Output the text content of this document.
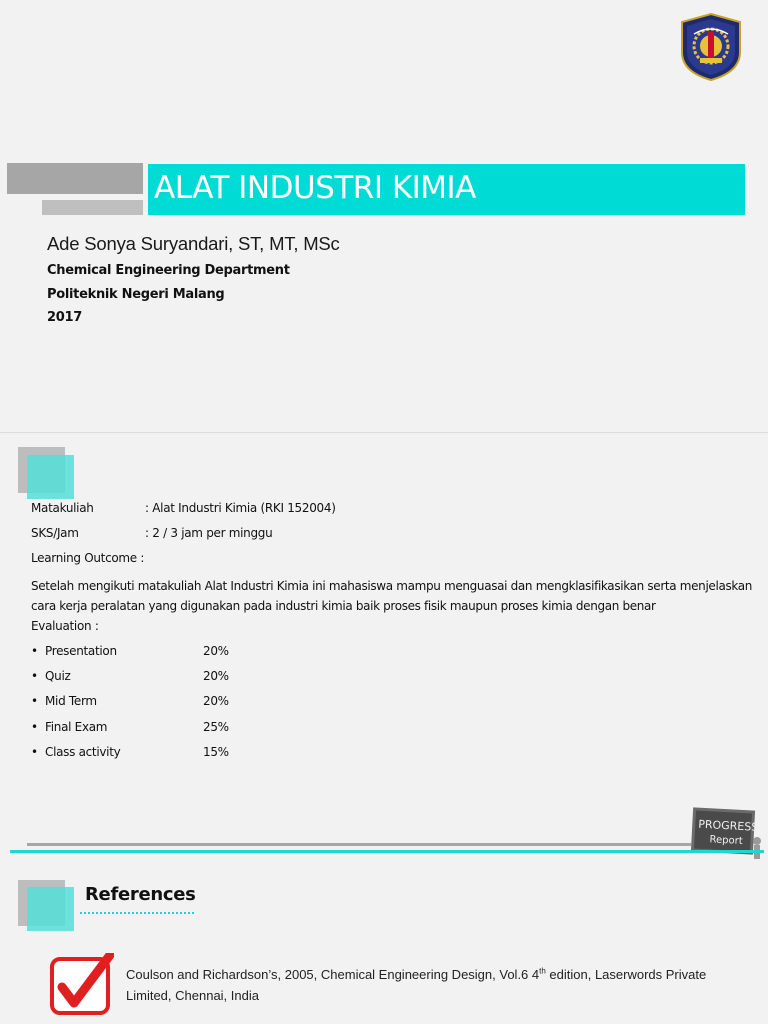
ALAT INDUSTRI KIMIA
Ade Sonya Suryandari, ST, MT, MSc
Chemical Engineering Department
Politeknik Negeri Malang
2017
Matakuliah	: Alat Industri Kimia (RKI 152004)
SKS/Jam	: 2 / 3 jam per minggu
Learning Outcome :
Setelah mengikuti matakuliah Alat Industri Kimia ini mahasiswa mampu menguasai dan mengklasifikasikan serta menjelaskan cara kerja peralatan yang digunakan pada industri kimia baik proses fisik maupun proses kimia dengan benar
Evaluation :
• Presentation	20%
• Quiz	20%
• Mid Term	20%
• Final Exam	25%
• Class activity	15%
PROGRESS
Report
References
Coulson and Richardson’s, 2005, Chemical Engineering Design, Vol.6 4th edition, Laserwords Private Limited, Chennai, India
